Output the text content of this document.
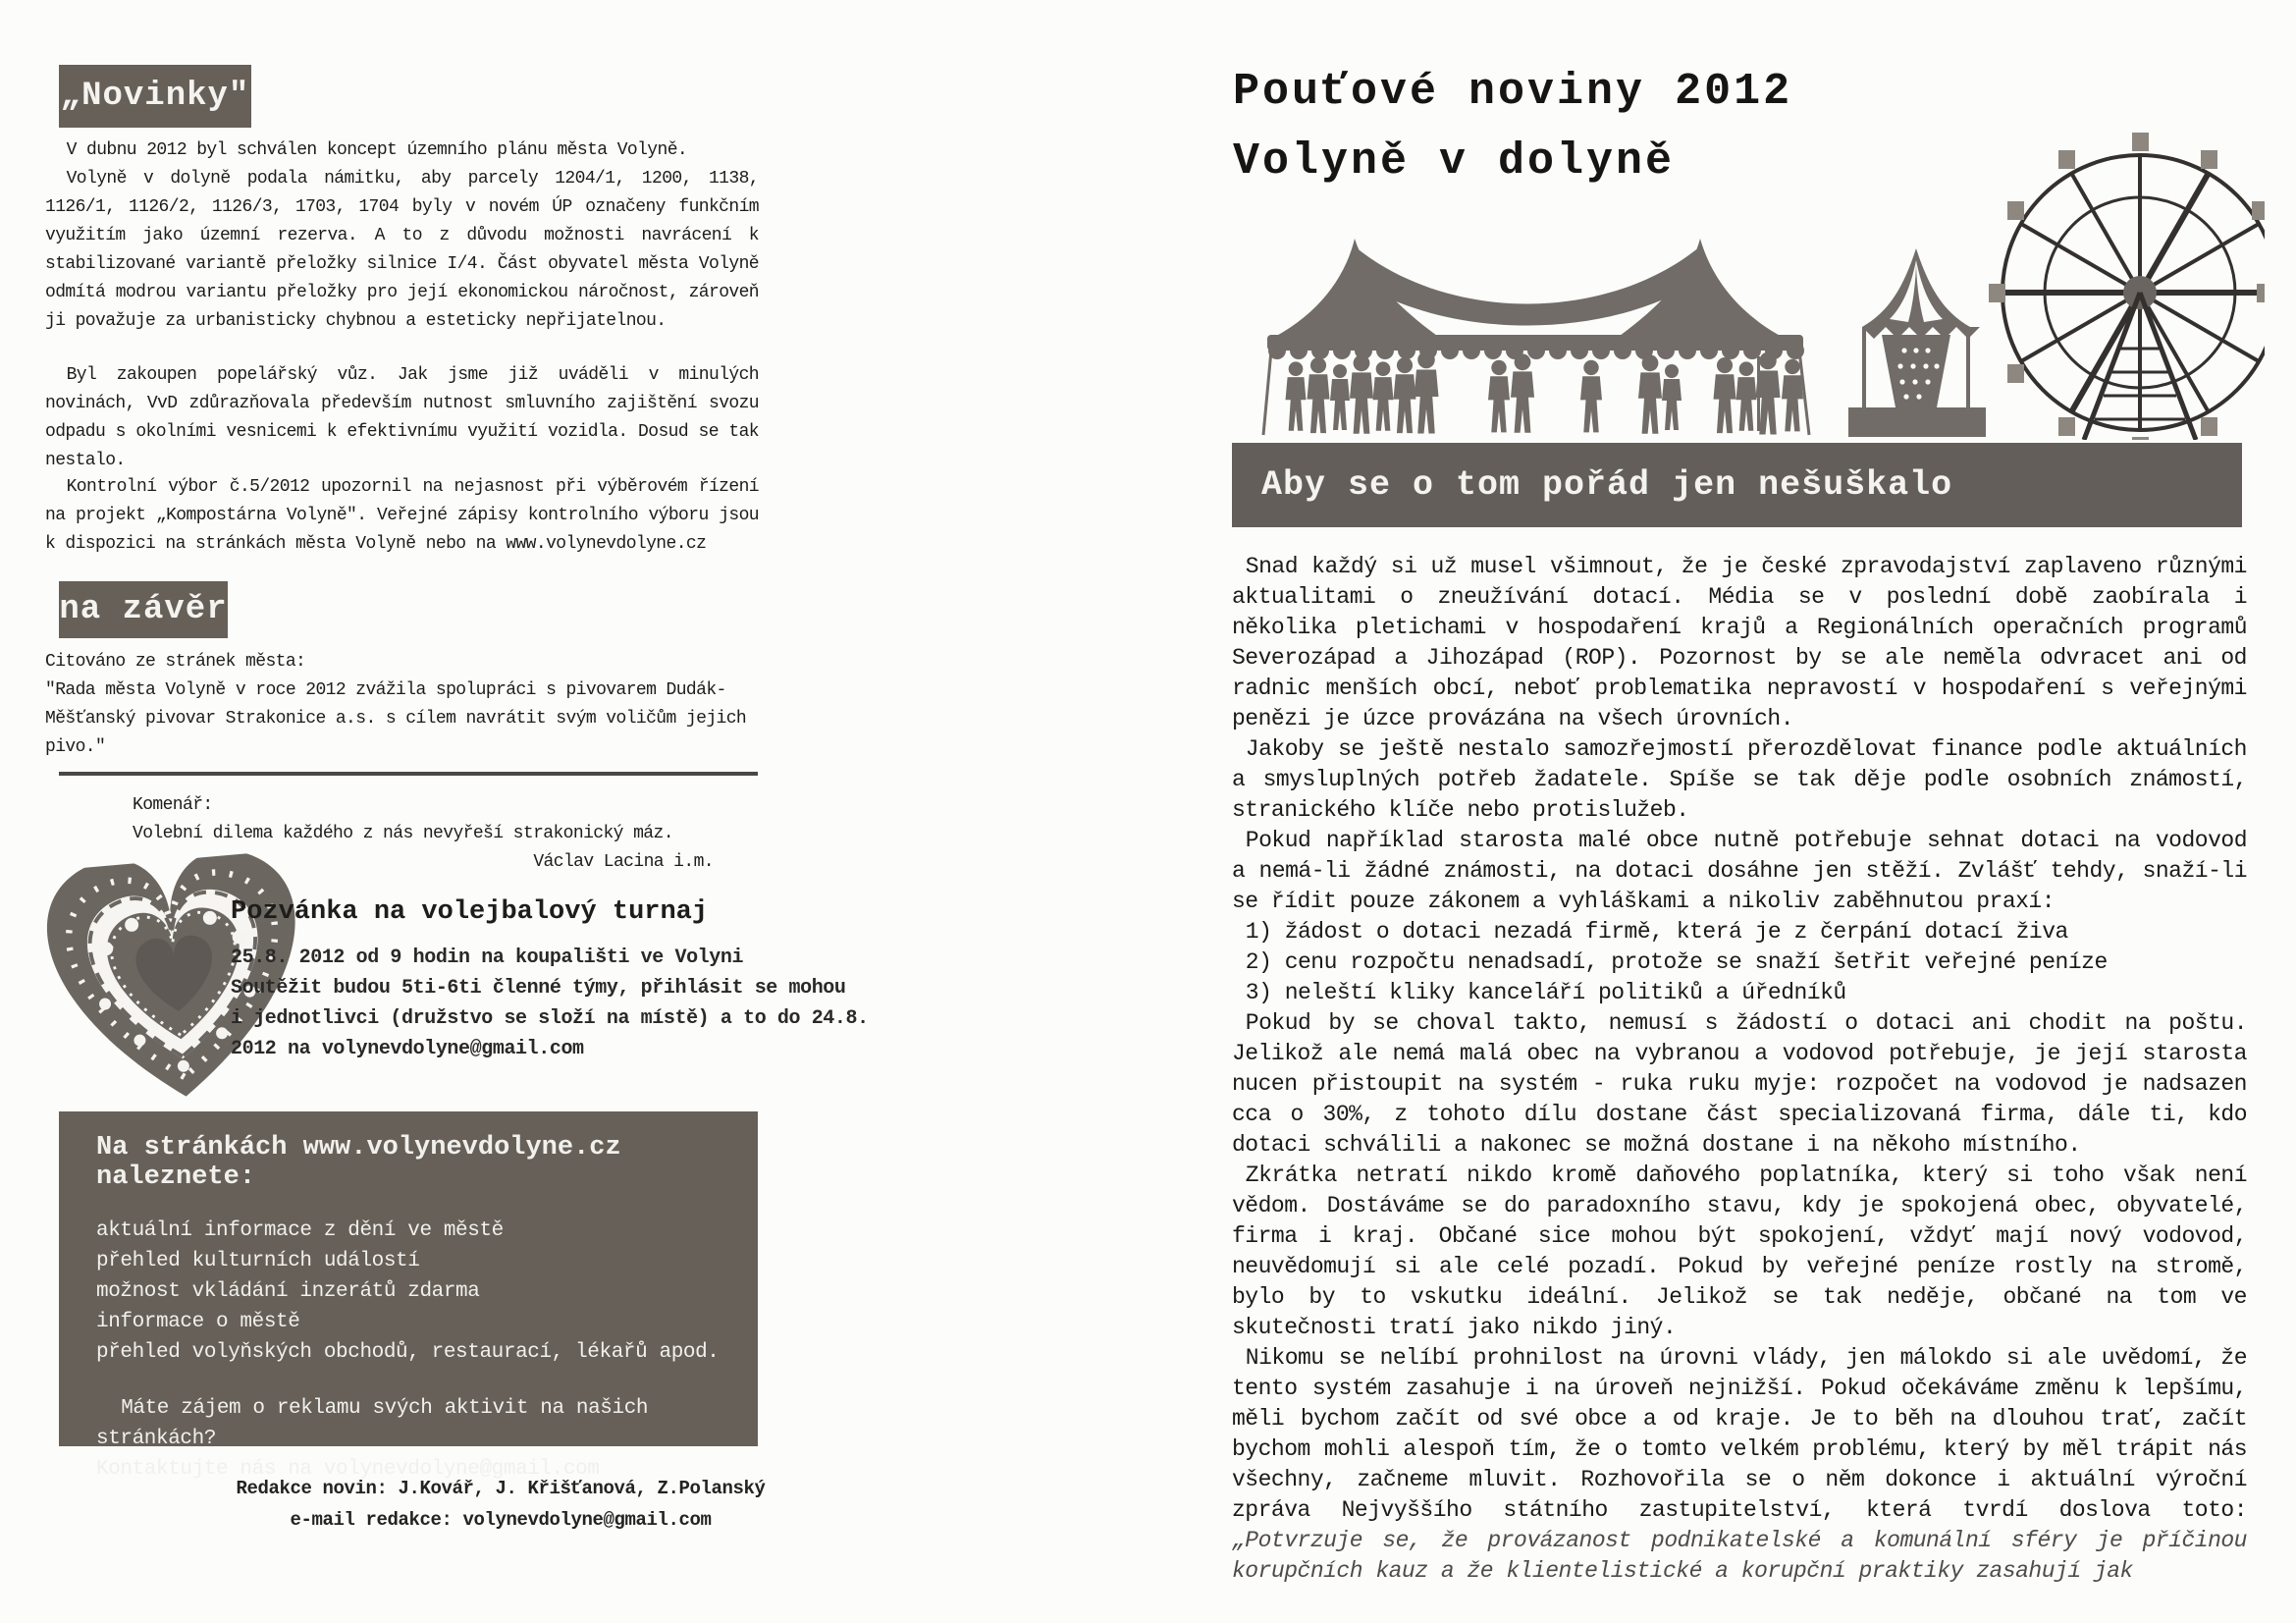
„Novinky"

V dubnu 2012 byl schválen koncept územního plánu města Volyně.

Volyně v dolyně podala námitku, aby parcely 1204/1, 1200, 1138, 1126/1, 1126/2, 1126/3, 1703, 1704 byly v novém ÚP označeny funkčním využitím jako územní rezerva. A to z důvodu možnosti navrácení k stabilizované variantě přeložky silnice I/4. Část obyvatel města Volyně odmítá modrou variantu přeložky pro její ekonomickou náročnost, zároveň ji považuje za urbanisticky chybnou a esteticky nepřijatelnou.

Byl zakoupen popelářský vůz. Jak jsme již uváděli v minulých novinách, VvD zdůrazňovala především nutnost smluvního zajištění svozu odpadu s okolními vesnicemi k efektivnímu využití vozidla. Dosud se tak nestalo.

Kontrolní výbor č.5/2012 upozornil na nejasnost při výběrovém řízení na projekt „Kompostárna Volyně". Veřejné zápisy kontrolního výboru jsou k dispozici na stránkách města Volyně nebo na www.volynevdolyne.cz

na závěr

Citováno ze stránek města:

"Rada města Volyně v roce 2012 zvážila spolupráci s pivovarem Dudák-Měšťanský pivovar Strakonice a.s. s cílem navrátit svým voličům jejich pivo."

Komenář:

Volební dilema každého z nás nevyřeší strakonický máz.

Václav Lacina i.m.

Pozvánka na volejbalový turnaj
25.8. 2012 od 9 hodin na koupališti ve Volyni
Soutěžit budou 5ti-6ti členné týmy, přihlásit se mohou
i jednotlivci (družstvo se složí na místě) a to do 24.8.
2012 na volynevdolyne@gmail.com
Na stránkách www.volynevdolyne.cz naleznete:
aktuální informace z dění ve městě
přehled kulturních událostí
možnost vkládání inzerátů zdarma
informace o městě
přehled volyňských obchodů, restaurací, lékařů apod.
Máte zájem o reklamu svých aktivit na našich stránkách?
Kontaktujte nás na volynevdolyne@gmail.com
Redakce novin: J.Kovář, J. Křišťanová, Z.Polanský
e-mail redakce: volynevdolyne@gmail.com
Pouťové noviny 2012
Volyně v dolyně
Aby se o tom pořád jen nešuškalo

Snad každý si už musel všimnout, že je české zpravodajství zaplaveno různými aktualitami o zneužívání dotací. Média se v poslední době zaobírala i několika pletichami v hospodaření krajů a Regionálních operačních programů Severozápad a Jihozápad (ROP). Pozornost by se ale neměla odvracet ani od radnic menších obcí, neboť problematika nepravostí v hospodaření s veřejnými penězi je úzce provázána na všech úrovních.

Jakoby se ještě nestalo samozřejmostí přerozdělovat finance podle aktuálních a smysluplných potřeb žadatele. Spíše se tak děje podle osobních známostí, stranického klíče nebo protislužeb.

Pokud například starosta malé obce nutně potřebuje sehnat dotaci na vodovod a nemá-li žádné známosti, na dotaci dosáhne jen stěží. Zvlášť tehdy, snaží-li se řídit pouze zákonem a vyhláškami a nikoliv zaběhnutou praxí:

1) žádost o dotaci nezadá firmě, která je z čerpání dotací živa

2) cenu rozpočtu nenadsadí, protože se snaží šetřit veřejné peníze

3) neleští kliky kanceláří politiků a úředníků

Pokud by se choval takto, nemusí s žádostí o dotaci ani chodit na poštu. Jelikož ale nemá malá obec na vybranou a vodovod potřebuje, je její starosta nucen přistoupit na systém - ruka ruku myje: rozpočet na vodovod je nadsazen cca o 30%, z tohoto dílu dostane část specializovaná firma, dále ti, kdo dotaci schválili a nakonec se možná dostane i na někoho místního.

Zkrátka netratí nikdo kromě daňového poplatníka, který si toho však není vědom. Dostáváme se do paradoxního stavu, kdy je spokojená obec, obyvatelé, firma i kraj. Občané sice mohou být spokojení, vždyť mají nový vodovod, neuvědomují si ale celé pozadí. Pokud by veřejné peníze rostly na stromě, bylo by to vskutku ideální. Jelikož se tak neděje, občané na tom ve skutečnosti tratí jako nikdo jiný.

Nikomu se nelíbí prohnilost na úrovni vlády, jen málokdo si ale uvědomí, že tento systém zasahuje i na úroveň nejnižší. Pokud očekáváme změnu k lepšímu, měli bychom začít od své obce a od kraje. Je to běh na dlouhou trať, začít bychom mohli alespoň tím, že o tomto velkém problému, který by měl trápit nás všechny, začneme mluvit. Rozhovořila se o něm dokonce i aktuální výroční zpráva Nejvyššího státního zastupitelství, která tvrdí doslova toto: „Potvrzuje se, že provázanost podnikatelské a komunální sféry je příčinou korupčních kauz a že klientelistické a korupční praktiky zasahují jak
